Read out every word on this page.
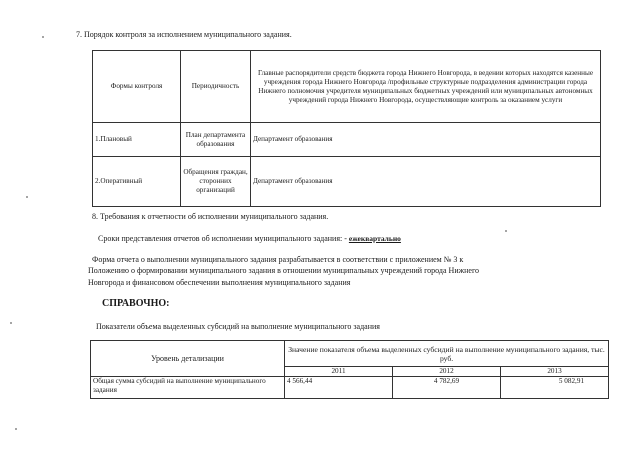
7. Порядок контроля за исполнением муниципального задания.
Формы контроля	Периодичность	Главные распорядители средств бюджета города Нижнего Новгорода, в ведении которых находятся казенные учреждения города Нижнего Новгорода /профильные структурные подразделения администрации города Нижнего полномочия учредителя муниципальных бюджетных учреждений или муниципальных автономных учреждений города Нижнего Новгорода, осуществляющие контроль за оказанием услуги
1.Плановый	План департамента образования	Департамент образования
2.Оперативный	Обращения граждан, сторонних организаций	Департамент образования
8. Требования к отчетности об исполнении муниципального задания.
Сроки представления отчетов об исполнении муниципального задания: - ежеквартально
Форма отчета о выполнении муниципального задания разрабатывается в соответствии с приложением № 3 к
Положению о формировании муниципального задания в отношении муниципальных учреждений города Нижнего
Новгорода и финансовом обеспечении выполнения муниципального задания
СПРАВОЧНО:
Показатели объема выделенных субсидий на выполнение муниципального задания
Уровень детализации	Значение показателя объема выделенных субсидий на выполнение муниципального задания, тыс. руб.		
	2011	2012	2013
Общая сумма субсидий на выполнение муниципального задания	4 566,44	4 782,69	5 082,91
